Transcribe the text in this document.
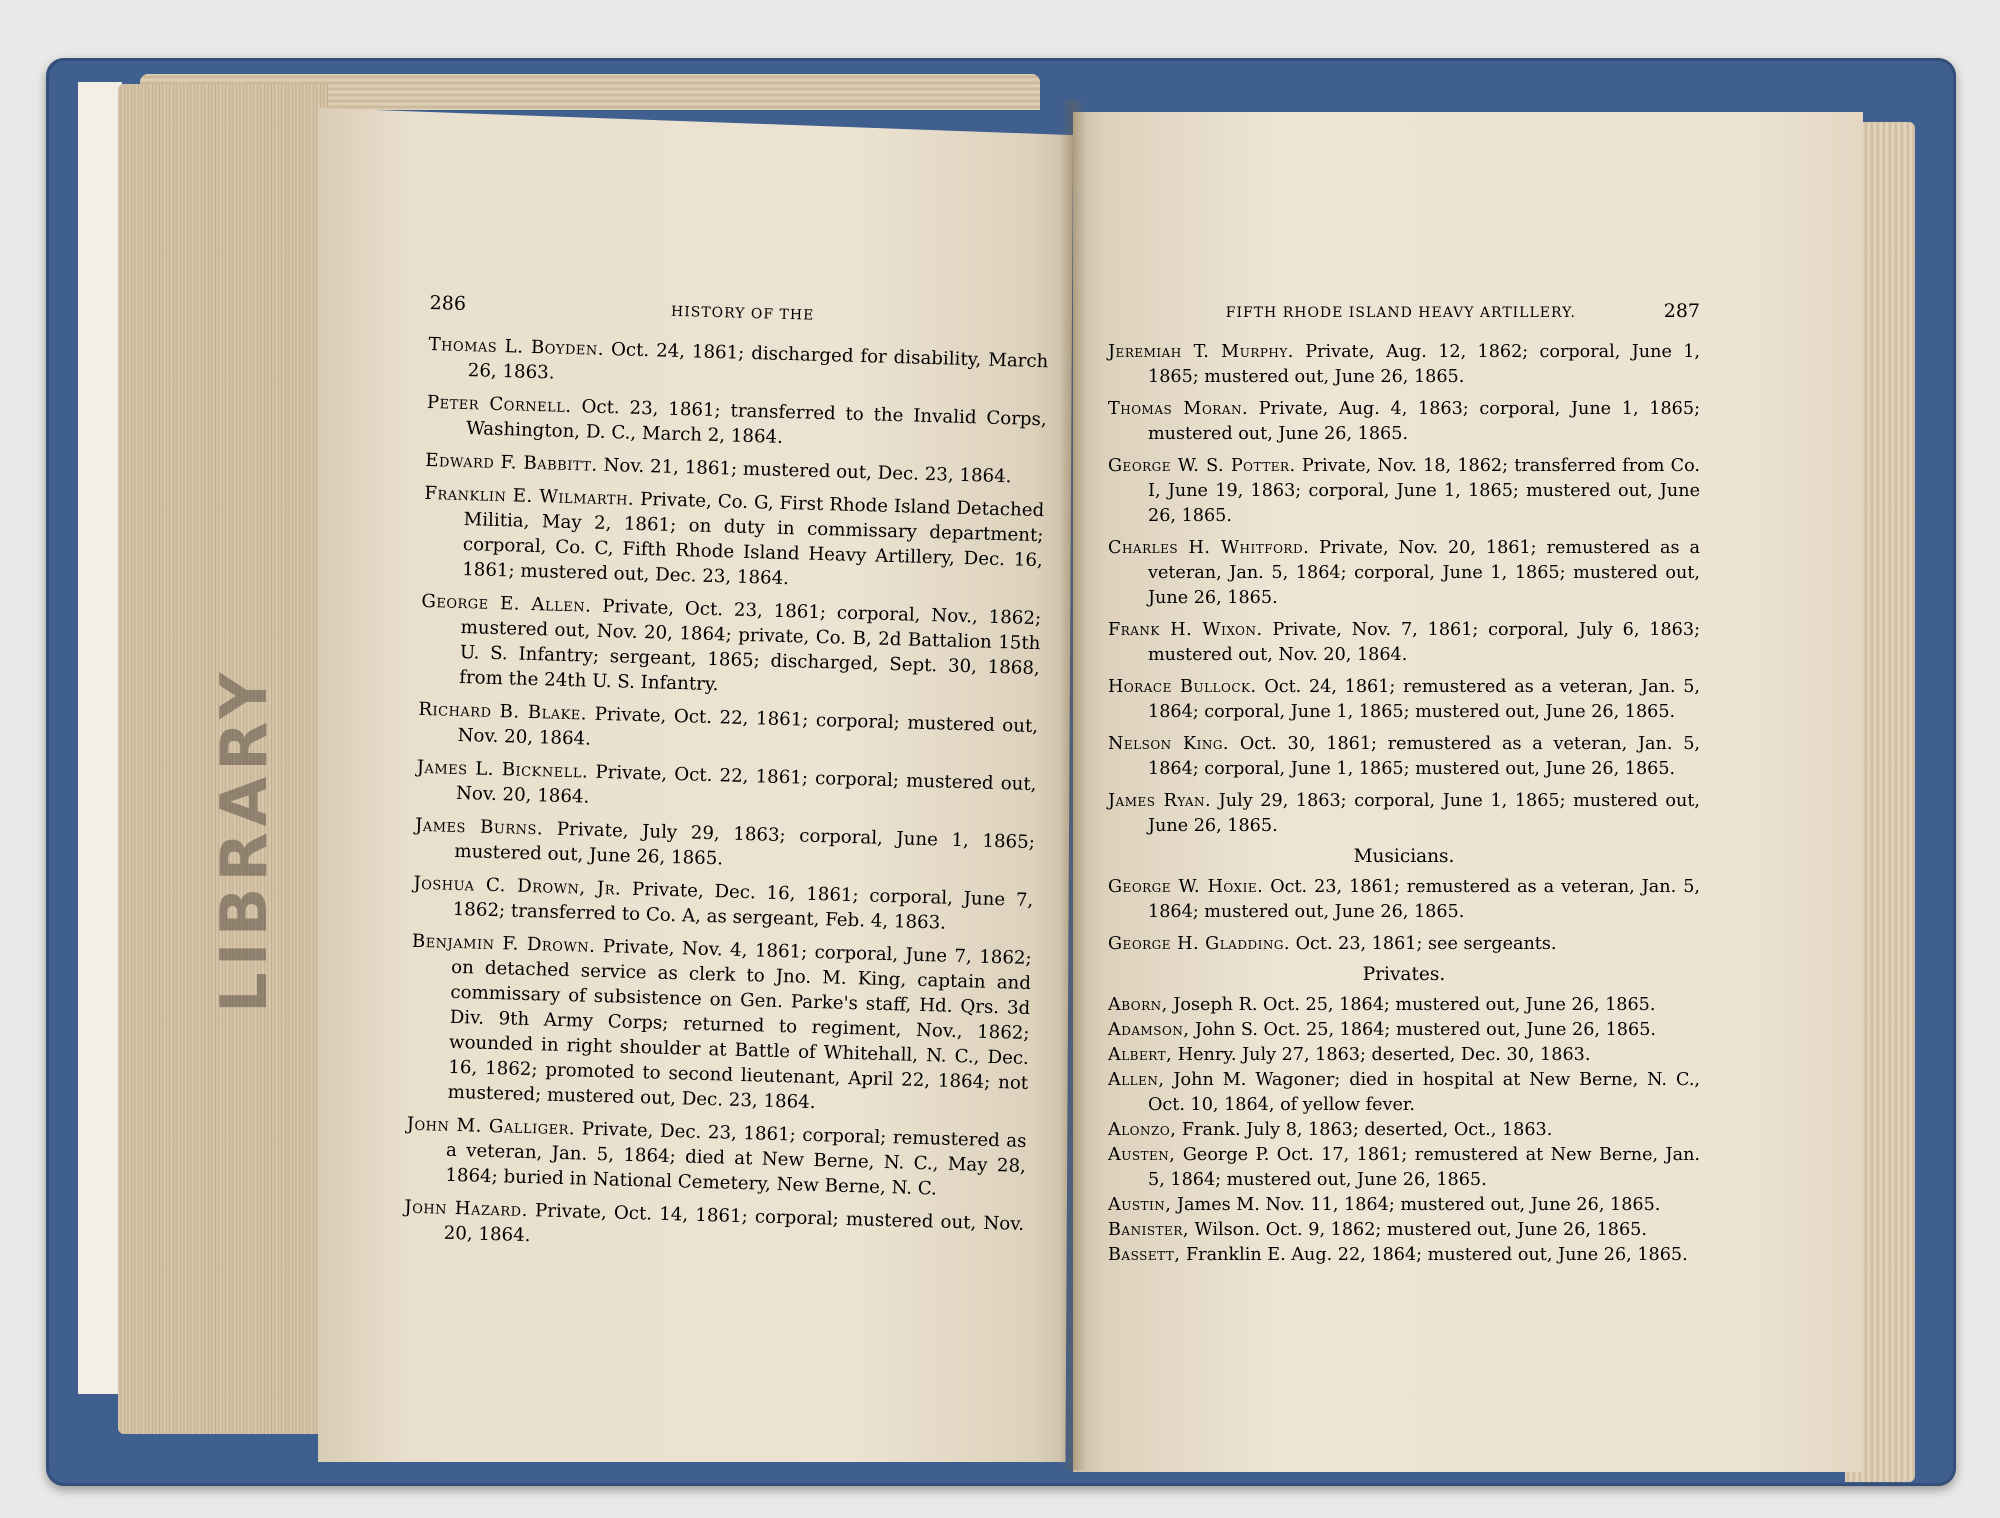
LIBRARY
286	HISTORY OF THE

Thomas L. Boyden. Oct. 24, 1861; discharged for disability, March 26, 1863.

Peter Cornell. Oct. 23, 1861; transferred to the Invalid Corps, Washington, D. C., March 2, 1864.

Edward F. Babbitt. Nov. 21, 1861; mustered out, Dec. 23, 1864.

Franklin E. Wilmarth. Private, Co. G, First Rhode Island Detached Militia, May 2, 1861; on duty in commissary department; corporal, Co. C, Fifth Rhode Island Heavy Artillery, Dec. 16, 1861; mustered out, Dec. 23, 1864.

George E. Allen. Private, Oct. 23, 1861; corporal, Nov., 1862; mustered out, Nov. 20, 1864; private, Co. B, 2d Battalion 15th U. S. Infantry; sergeant, 1865; discharged, Sept. 30, 1868, from the 24th U. S. Infantry.

Richard B. Blake. Private, Oct. 22, 1861; corporal; mustered out, Nov. 20, 1864.

James L. Bicknell. Private, Oct. 22, 1861; corporal; mustered out, Nov. 20, 1864.

James Burns. Private, July 29, 1863; corporal, June 1, 1865; mustered out, June 26, 1865.

Joshua C. Drown, Jr. Private, Dec. 16, 1861; corporal, June 7, 1862; transferred to Co. A, as sergeant, Feb. 4, 1863.

Benjamin F. Drown. Private, Nov. 4, 1861; corporal, June 7, 1862; on detached service as clerk to Jno. M. King, captain and commissary of subsistence on Gen. Parke's staff, Hd. Qrs. 3d Div. 9th Army Corps; returned to regiment, Nov., 1862; wounded in right shoulder at Battle of Whitehall, N. C., Dec. 16, 1862; promoted to second lieutenant, April 22, 1864; not mustered; mustered out, Dec. 23, 1864.

John M. Galliger. Private, Dec. 23, 1861; corporal; remustered as a veteran, Jan. 5, 1864; died at New Berne, N. C., May 28, 1864; buried in National Cemetery, New Berne, N. C.

John Hazard. Private, Oct. 14, 1861; corporal; mustered out, Nov. 20, 1864.

FIFTH RHODE ISLAND HEAVY ARTILLERY.	287

Jeremiah T. Murphy. Private, Aug. 12, 1862; corporal, June 1, 1865; mustered out, June 26, 1865.

Thomas Moran. Private, Aug. 4, 1863; corporal, June 1, 1865; mustered out, June 26, 1865.

George W. S. Potter. Private, Nov. 18, 1862; transferred from Co. I, June 19, 1863; corporal, June 1, 1865; mustered out, June 26, 1865.

Charles H. Whitford. Private, Nov. 20, 1861; remustered as a veteran, Jan. 5, 1864; corporal, June 1, 1865; mustered out, June 26, 1865.

Frank H. Wixon. Private, Nov. 7, 1861; corporal, July 6, 1863; mustered out, Nov. 20, 1864.

Horace Bullock. Oct. 24, 1861; remustered as a veteran, Jan. 5, 1864; corporal, June 1, 1865; mustered out, June 26, 1865.

Nelson King. Oct. 30, 1861; remustered as a veteran, Jan. 5, 1864; corporal, June 1, 1865; mustered out, June 26, 1865.

James Ryan. July 29, 1863; corporal, June 1, 1865; mustered out, June 26, 1865.

Musicians.

George W. Hoxie. Oct. 23, 1861; remustered as a veteran, Jan. 5, 1864; mustered out, June 26, 1865.

George H. Gladding. Oct. 23, 1861; see sergeants.

Privates.

Aborn, Joseph R. Oct. 25, 1864; mustered out, June 26, 1865.

Adamson, John S. Oct. 25, 1864; mustered out, June 26, 1865.

Albert, Henry. July 27, 1863; deserted, Dec. 30, 1863.

Allen, John M. Wagoner; died in hospital at New Berne, N. C., Oct. 10, 1864, of yellow fever.

Alonzo, Frank. July 8, 1863; deserted, Oct., 1863.

Austen, George P. Oct. 17, 1861; remustered at New Berne, Jan. 5, 1864; mustered out, June 26, 1865.

Austin, James M. Nov. 11, 1864; mustered out, June 26, 1865.

Banister, Wilson. Oct. 9, 1862; mustered out, June 26, 1865.

Bassett, Franklin E. Aug. 22, 1864; mustered out, June 26, 1865.
